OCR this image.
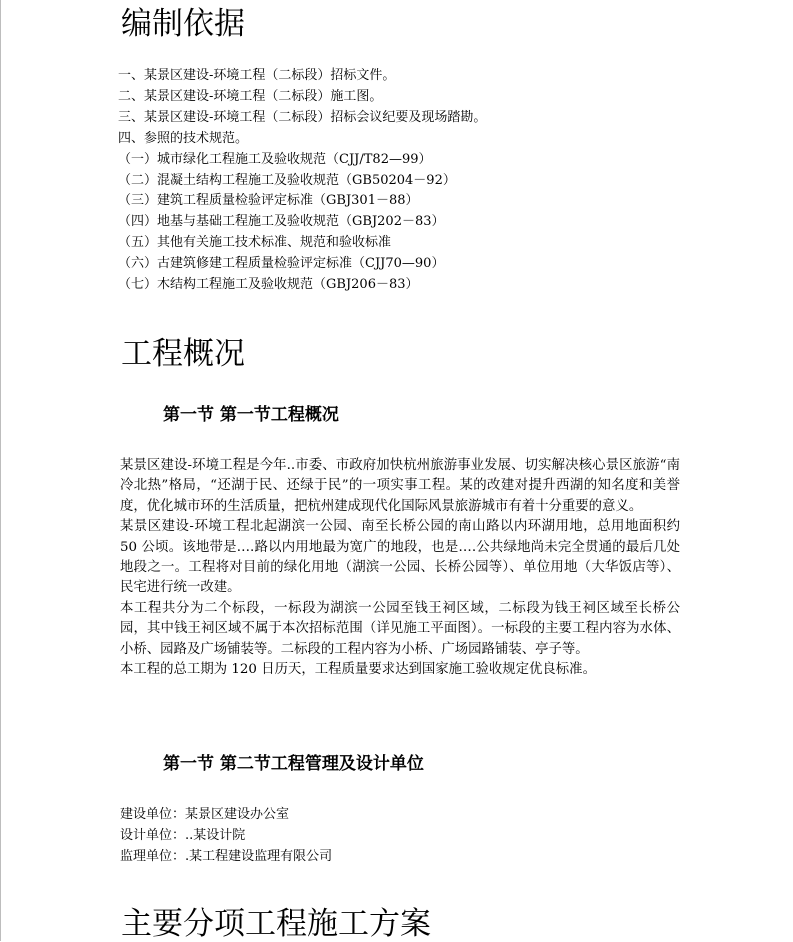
编制依据
一、某景区建设-环境工程（二标段）招标文件。
二、某景区建设-环境工程（二标段）施工图。
三、某景区建设-环境工程（二标段）招标会议纪要及现场踏勘。
四、参照的技术规范。
（一）城市绿化工程施工及验收规范（CJJ/T82—99）
（二）混凝土结构工程施工及验收规范（GB50204－92）
（三）建筑工程质量检验评定标准（GBJ301－88）
（四）地基与基础工程施工及验收规范（GBJ202－83）
（五）其他有关施工技术标准、规范和验收标准
（六）古建筑修建工程质量检验评定标准（CJJ70—90）
（七）木结构工程施工及验收规范（GBJ206－83）
工程概况
第一节 第一节工程概况

某景区建设-环境工程是今年..市委、市政府加快杭州旅游事业发展、切实解决核心景区旅游“南冷北热”格局，“还湖于民、还绿于民”的一项实事工程。某的改建对提升西湖的知名度和美誉度，优化城市环的生活质量，把杭州建成现代化国际风景旅游城市有着十分重要的意义。

某景区建设-环境工程北起湖滨一公园、南至长桥公园的南山路以内环湖用地，总用地面积约 50 公顷。该地带是….路以内用地最为宽广的地段，也是….公共绿地尚未完全贯通的最后几处地段之一。工程将对目前的绿化用地（湖滨一公园、长桥公园等）、单位用地（大华饭店等）、民宅进行统一改建。

本工程共分为二个标段，一标段为湖滨一公园至钱王祠区域，二标段为钱王祠区域至长桥公园，其中钱王祠区域不属于本次招标范围（详见施工平面图）。一标段的主要工程内容为水体、小桥、园路及广场铺装等。二标段的工程内容为小桥、广场园路铺装、亭子等。

本工程的总工期为 120 日历天，工程质量要求达到国家施工验收规定优良标准。

第一节 第二节工程管理及设计单位
建设单位：某景区建设办公室
设计单位：..某设计院
监理单位：.某工程建设监理有限公司
主要分项工程施工方案
